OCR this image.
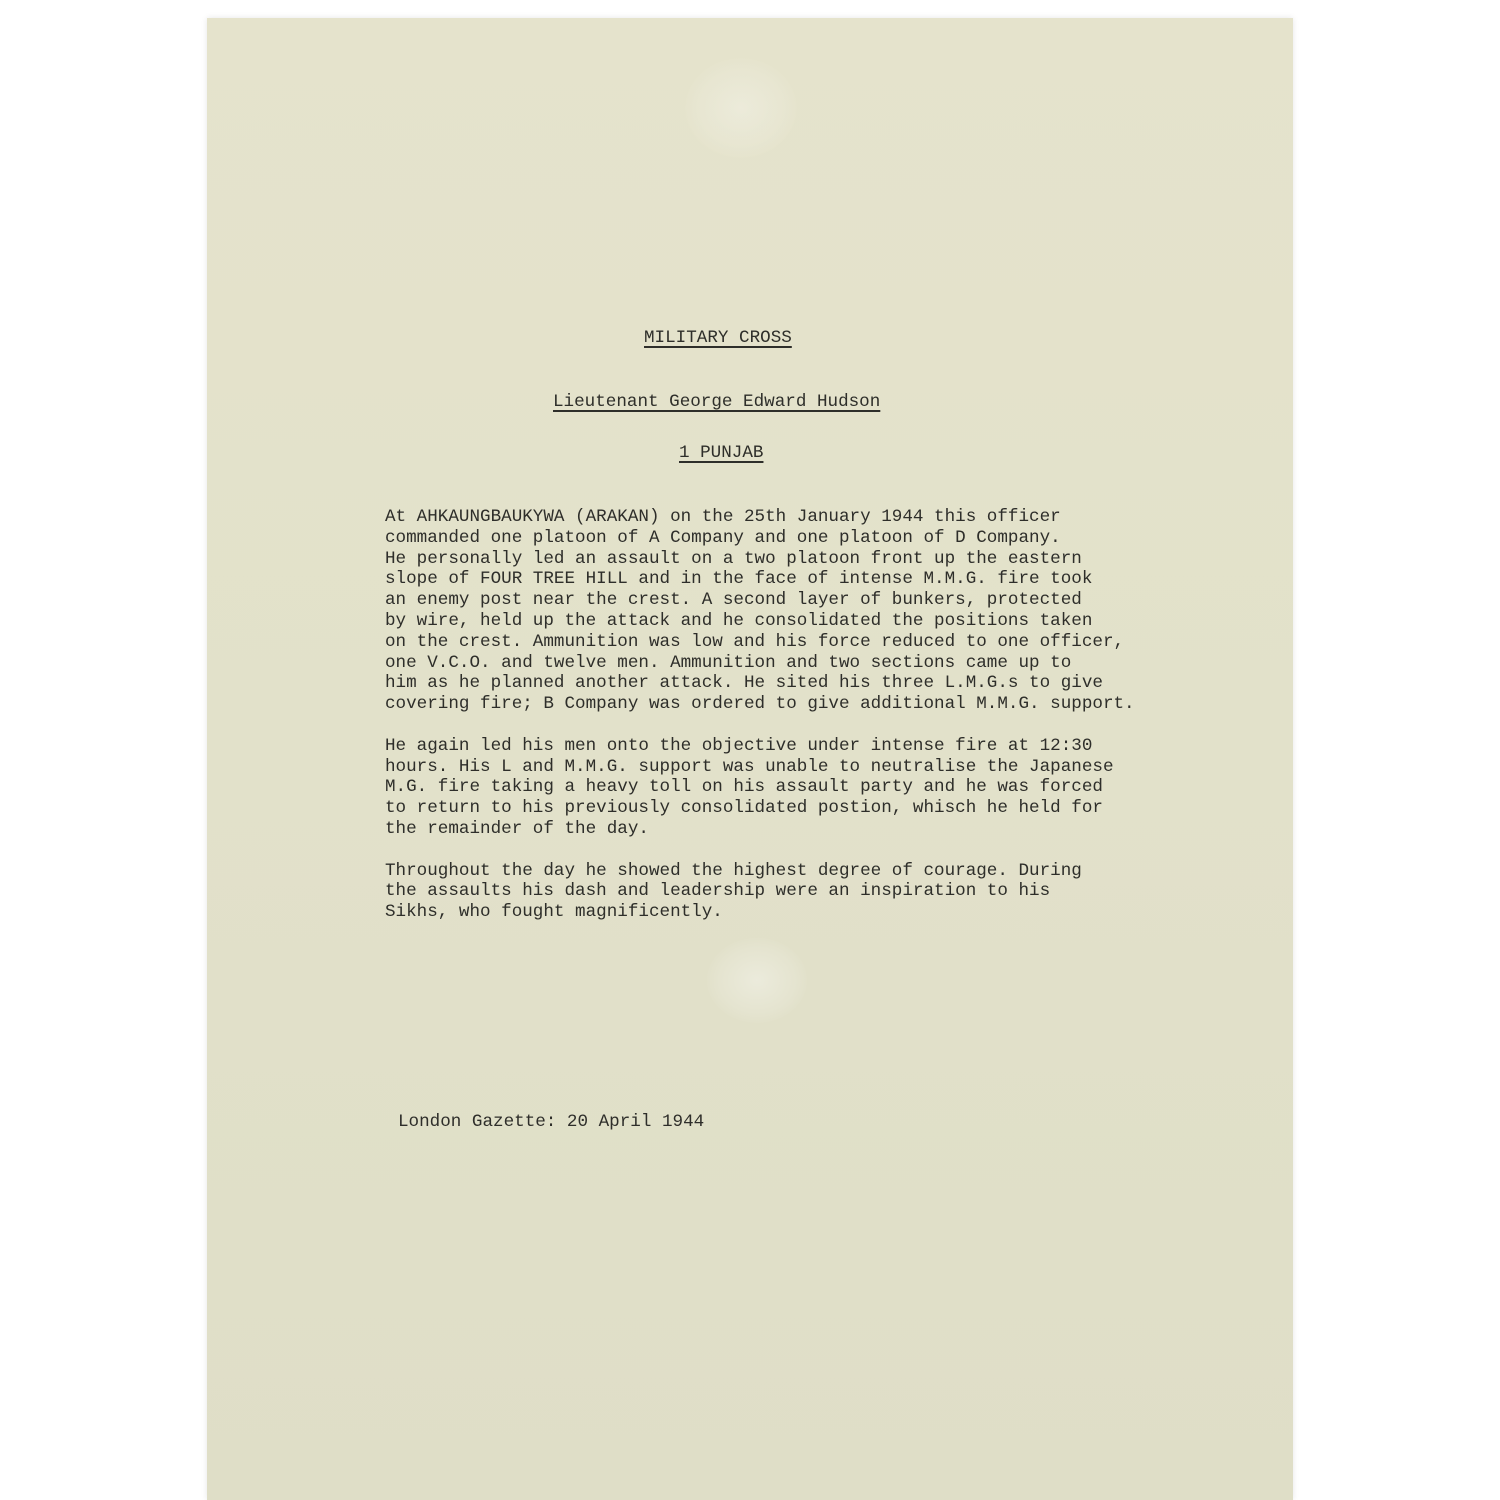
MILITARY CROSS
Lieutenant George Edward Hudson
1 PUNJAB
At AHKAUNGBAUKYWA (ARAKAN) on the 25th January 1944 this officer
commanded one platoon of A Company and one platoon of D Company.
He personally led an assault on a two platoon front up the eastern
slope of FOUR TREE HILL and in the face of intense M.M.G. fire took
an enemy post near the crest. A second layer of bunkers, protected
by wire, held up the attack and he consolidated the positions taken
on the crest. Ammunition was low and his force reduced to one officer,
one V.C.O. and twelve men. Ammunition and two sections came up to
him as he planned another attack. He sited his three L.M.G.s to give
covering fire; B Company was ordered to give additional M.M.G. support.
He again led his men onto the objective under intense fire at 12:30
hours. His L and M.M.G. support was unable to neutralise the Japanese
M.G. fire taking a heavy toll on his assault party and he was forced
to return to his previously consolidated postion, whisch he held for
the remainder of the day.
Throughout the day he showed the highest degree of courage. During
the assaults his dash and leadership were an inspiration to his
Sikhs, who fought magnificently.
London Gazette: 20 April 1944
